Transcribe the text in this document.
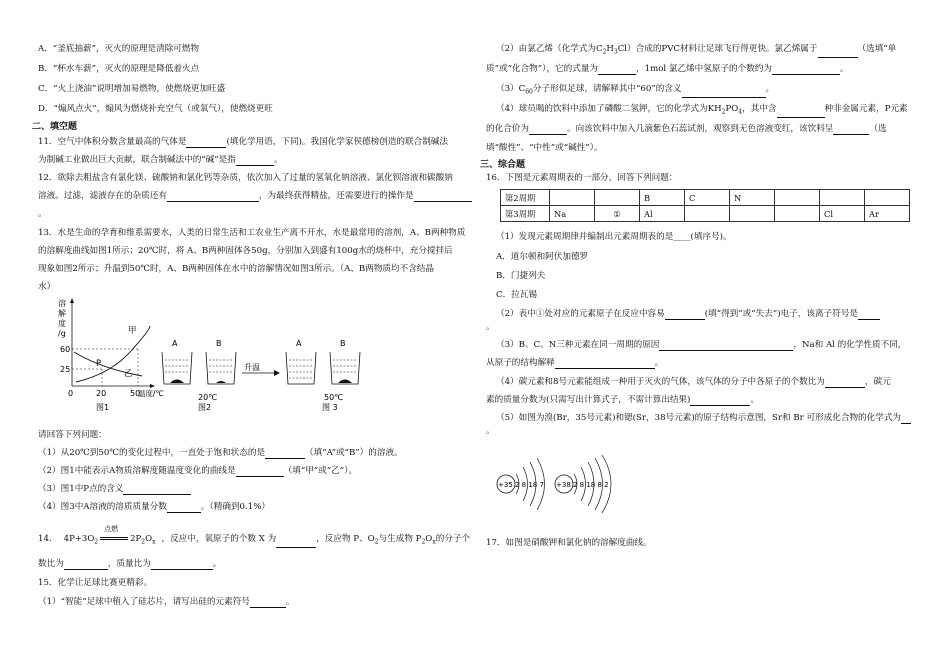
A．“釜底抽薪”，灭火的原理是清除可燃物
B．“杯水车薪”，灭火的原理是降低着火点
C．“火上浇油”说明增加易燃物，使燃烧更加旺盛
D．“煽风点火”，煽风为燃烧补充空气（或氧气），使燃烧更旺
二、填空题
11．空气中体积分数含量最高的气体是	(填化学用语，下同)。我国化学家侯德榜创造的联合制碱法
为制碱工业做出巨大贡献，联合制碱法中的“碱”是指	。
12．欲除去粗盐含有氯化镁、硫酸钠和氯化钙等杂质，依次加入了过量的氢氧化钠溶液、氯化钡溶液和碳酸钠
溶液。过滤，滤液存在的杂质还有	，为最终获得精盐，还需要进行的操作是
。
13．水是生命的孕育和维系需要水，人类的日常生活和工农业生产离不开水，水是最常用的溶剂，A、B两种物质
的溶解度曲线如图1所示；20℃时，将 A、B两种固体各50g，分别加入到盛有100g水的烧杯中，充分搅拌后
现象如图2所示；升温到50℃时，A、B两种固体在水中的溶解情况如图3所示。（A、B两物质均不含结晶
水）
溶
解
度
/g
60
25
P
甲
乙
0	20	50
温度/℃
图1
A	B
20℃
图2
升温
A	B
50℃
图 3
请回答下列问题：
（1）从20℃到50℃的变化过程中，一直处于饱和状态的是	（填“A”或“B”）的溶液。
（2）图1中能表示A物质溶解度随温度变化的曲线是	（填“甲”或“乙”）。
（3）图1中P点的含义
（4）图3中A溶液的溶质质量分数	。（精确到0.1%）
14. $4P+3O_2$
点燃
$2P_2O_x$ ，反应中，氧原子的个数 X 为	，反应物 P、$O_2$与生成物 $P_2O_x$的分子个
数比为	，质量比为	。
15．化学让足球比赛更精彩。
（1）“智能”足球中植入了硅芯片，请写出硅的元素符号	。
（2）由氯乙烯（化学式为$C_2H_3Cl$）合成的PVC材料让足球飞行得更快。氯乙烯属于	（选填“单
质”或“化合物”），它的式量为	，1mol 氯乙烯中氢原子的个数约为	。
$(3)C_{60}$分子形似足球，请解释其中“60”的含义	。
（4）球员喝的饮料中添加了磷酸二氢钾，它的化学式为$KH_2PO_4$，其中含	种非金属元素，P元素
的化合价为	。向该饮料中加入几滴紫色石蕊试剂，观察到无色溶液变红，该饮料呈	（选
填“酸性”、“中性”或“碱性”）。
三、综合题
16．下图是元素周期表的一部分，回答下列问题：
第2周期			B	C	N			
第3周期	Na	①	Al				Cl	Ar
（1）发现元素周期律并编制出元素周期表的是____(填序号)。
A．道尔顿和阿伏加德罗
B．门捷列夫
C．拉瓦锡
（2）表中①处对应的元素原子在反应中容易	(填“得到”或“失去”)电子，该离子符号是
。
（3）B、C、N三种元素在同一周期的原因	，Na和 Al 的化学性质不同，
从原子的结构解释	。
（4）碳元素和8号元素能组成一种用于灭火的气体，该气体的分子中各原子的个数比为	，碳元
素的质量分数为(只需写出计算式子，不需计算出结果)	。
（5）如图为溴(Br，35号元素)和锶(Sr，38号元素)的原子结构示意图，Sr和 Br 可形成化合物的化学式为
。
+35 2 8 18 7 +38 2 8 18 8 2
17．如图是硝酸钾和氯化钠的溶解度曲线。
